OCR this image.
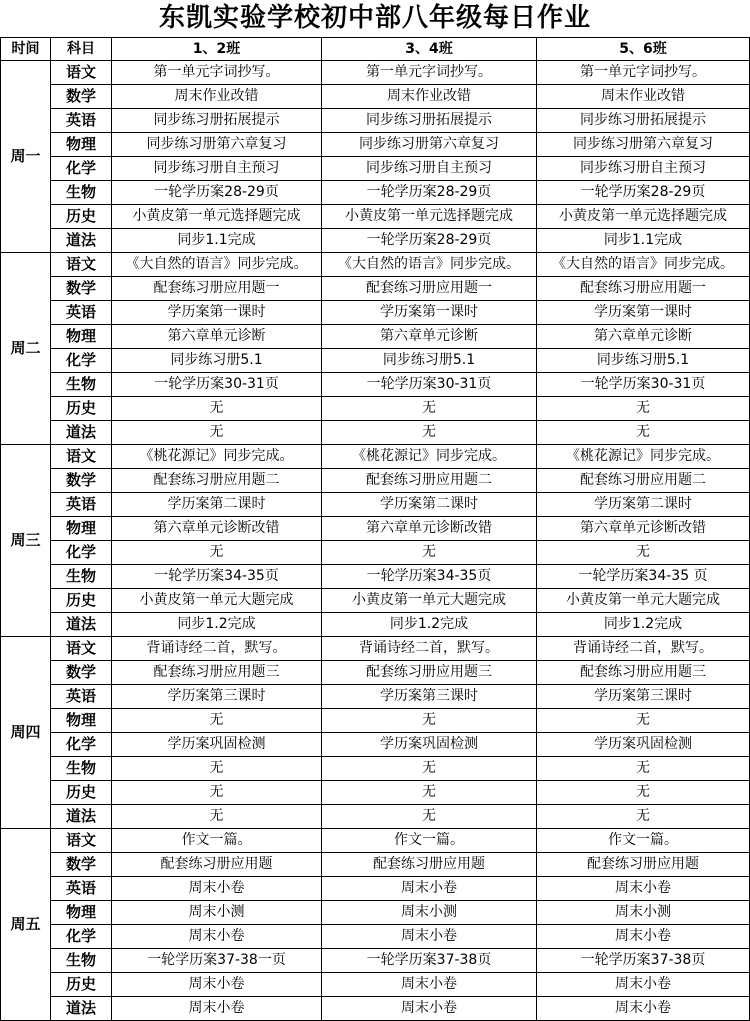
东凯实验学校初中部八年级每日作业
时间	科目	1、2班	3、4班	5、6班
周一	语文	第一单元字词抄写。	第一单元字词抄写。	第一单元字词抄写。
	数学	周末作业改错	周末作业改错	周末作业改错
	英语	同步练习册拓展提示	同步练习册拓展提示	同步练习册拓展提示
	物理	同步练习册第六章复习	同步练习册第六章复习	同步练习册第六章复习
	化学	同步练习册自主预习	同步练习册自主预习	同步练习册自主预习
	生物	一轮学历案28-29页	一轮学历案28-29页	一轮学历案28-29页
	历史	小黄皮第一单元选择题完成	小黄皮第一单元选择题完成	小黄皮第一单元选择题完成
	道法	同步1.1完成	一轮学历案28-29页	同步1.1完成
周二	语文	《大自然的语言》同步完成。	《大自然的语言》同步完成。	《大自然的语言》同步完成。
	数学	配套练习册应用题一	配套练习册应用题一	配套练习册应用题一
	英语	学历案第一课时	学历案第一课时	学历案第一课时
	物理	第六章单元诊断	第六章单元诊断	第六章单元诊断
	化学	同步练习册5.1	同步练习册5.1	同步练习册5.1
	生物	一轮学历案30-31页	一轮学历案30-31页	一轮学历案30-31页
	历史	无	无	无
	道法	无	无	无
周三	语文	《桃花源记》同步完成。	《桃花源记》同步完成。	《桃花源记》同步完成。
	数学	配套练习册应用题二	配套练习册应用题二	配套练习册应用题二
	英语	学历案第二课时	学历案第二课时	学历案第二课时
	物理	第六章单元诊断改错	第六章单元诊断改错	第六章单元诊断改错
	化学	无	无	无
	生物	一轮学历案34-35页	一轮学历案34-35页	一轮学历案34-35 页
	历史	小黄皮第一单元大题完成	小黄皮第一单元大题完成	小黄皮第一单元大题完成
	道法	同步1.2完成	同步1.2完成	同步1.2完成
周四	语文	背诵诗经二首，默写。	背诵诗经二首，默写。	背诵诗经二首，默写。
	数学	配套练习册应用题三	配套练习册应用题三	配套练习册应用题三
	英语	学历案第三课时	学历案第三课时	学历案第三课时
	物理	无	无	无
	化学	学历案巩固检测	学历案巩固检测	学历案巩固检测
	生物	无	无	无
	历史	无	无	无
	道法	无	无	无
周五	语文	作文一篇。	作文一篇。	作文一篇。
	数学	配套练习册应用题	配套练习册应用题	配套练习册应用题
	英语	周末小卷	周末小卷	周末小卷
	物理	周末小测	周末小测	周末小测
	化学	周末小卷	周末小卷	周末小卷
	生物	一轮学历案37-38一页	一轮学历案37-38页	一轮学历案37-38页
	历史	周末小卷	周末小卷	周末小卷
	道法	周末小卷	周末小卷	周末小卷
